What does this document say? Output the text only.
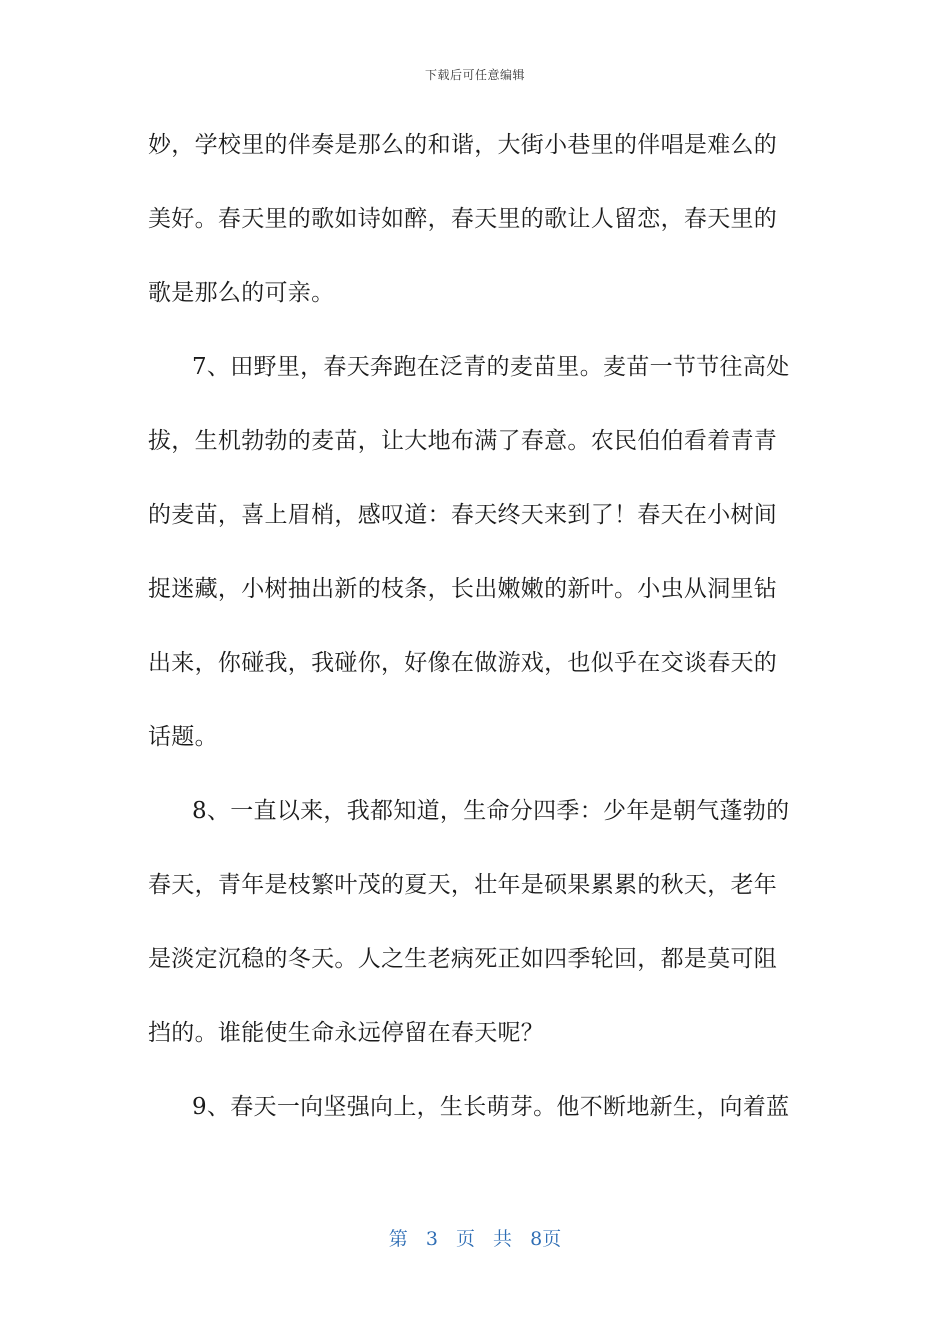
下载后可任意编辑
妙，学校里的伴奏是那么的和谐，大街小巷里的伴唱是难么的
美好。春天里的歌如诗如醉，春天里的歌让人留恋，春天里的
歌是那么的可亲。
7、田野里，春天奔跑在泛青的麦苗里。麦苗一节节往高处
拔，生机勃勃的麦苗，让大地布满了春意。农民伯伯看着青青
的麦苗，喜上眉梢，感叹道：春天终天来到了！春天在小树间
捉迷藏，小树抽出新的枝条，长出嫩嫩的新叶。小虫从洞里钻
出来，你碰我，我碰你，好像在做游戏，也似乎在交谈春天的
话题。
8、一直以来，我都知道，生命分四季：少年是朝气蓬勃的
春天，青年是枝繁叶茂的夏天，壮年是硕果累累的秋天，老年
是淡定沉稳的冬天。人之生老病死正如四季轮回，都是莫可阻
挡的。谁能使生命永远停留在春天呢？
9、春天一向坚强向上，生长萌芽。他不断地新生，向着蓝
第 3 页 共 8页
